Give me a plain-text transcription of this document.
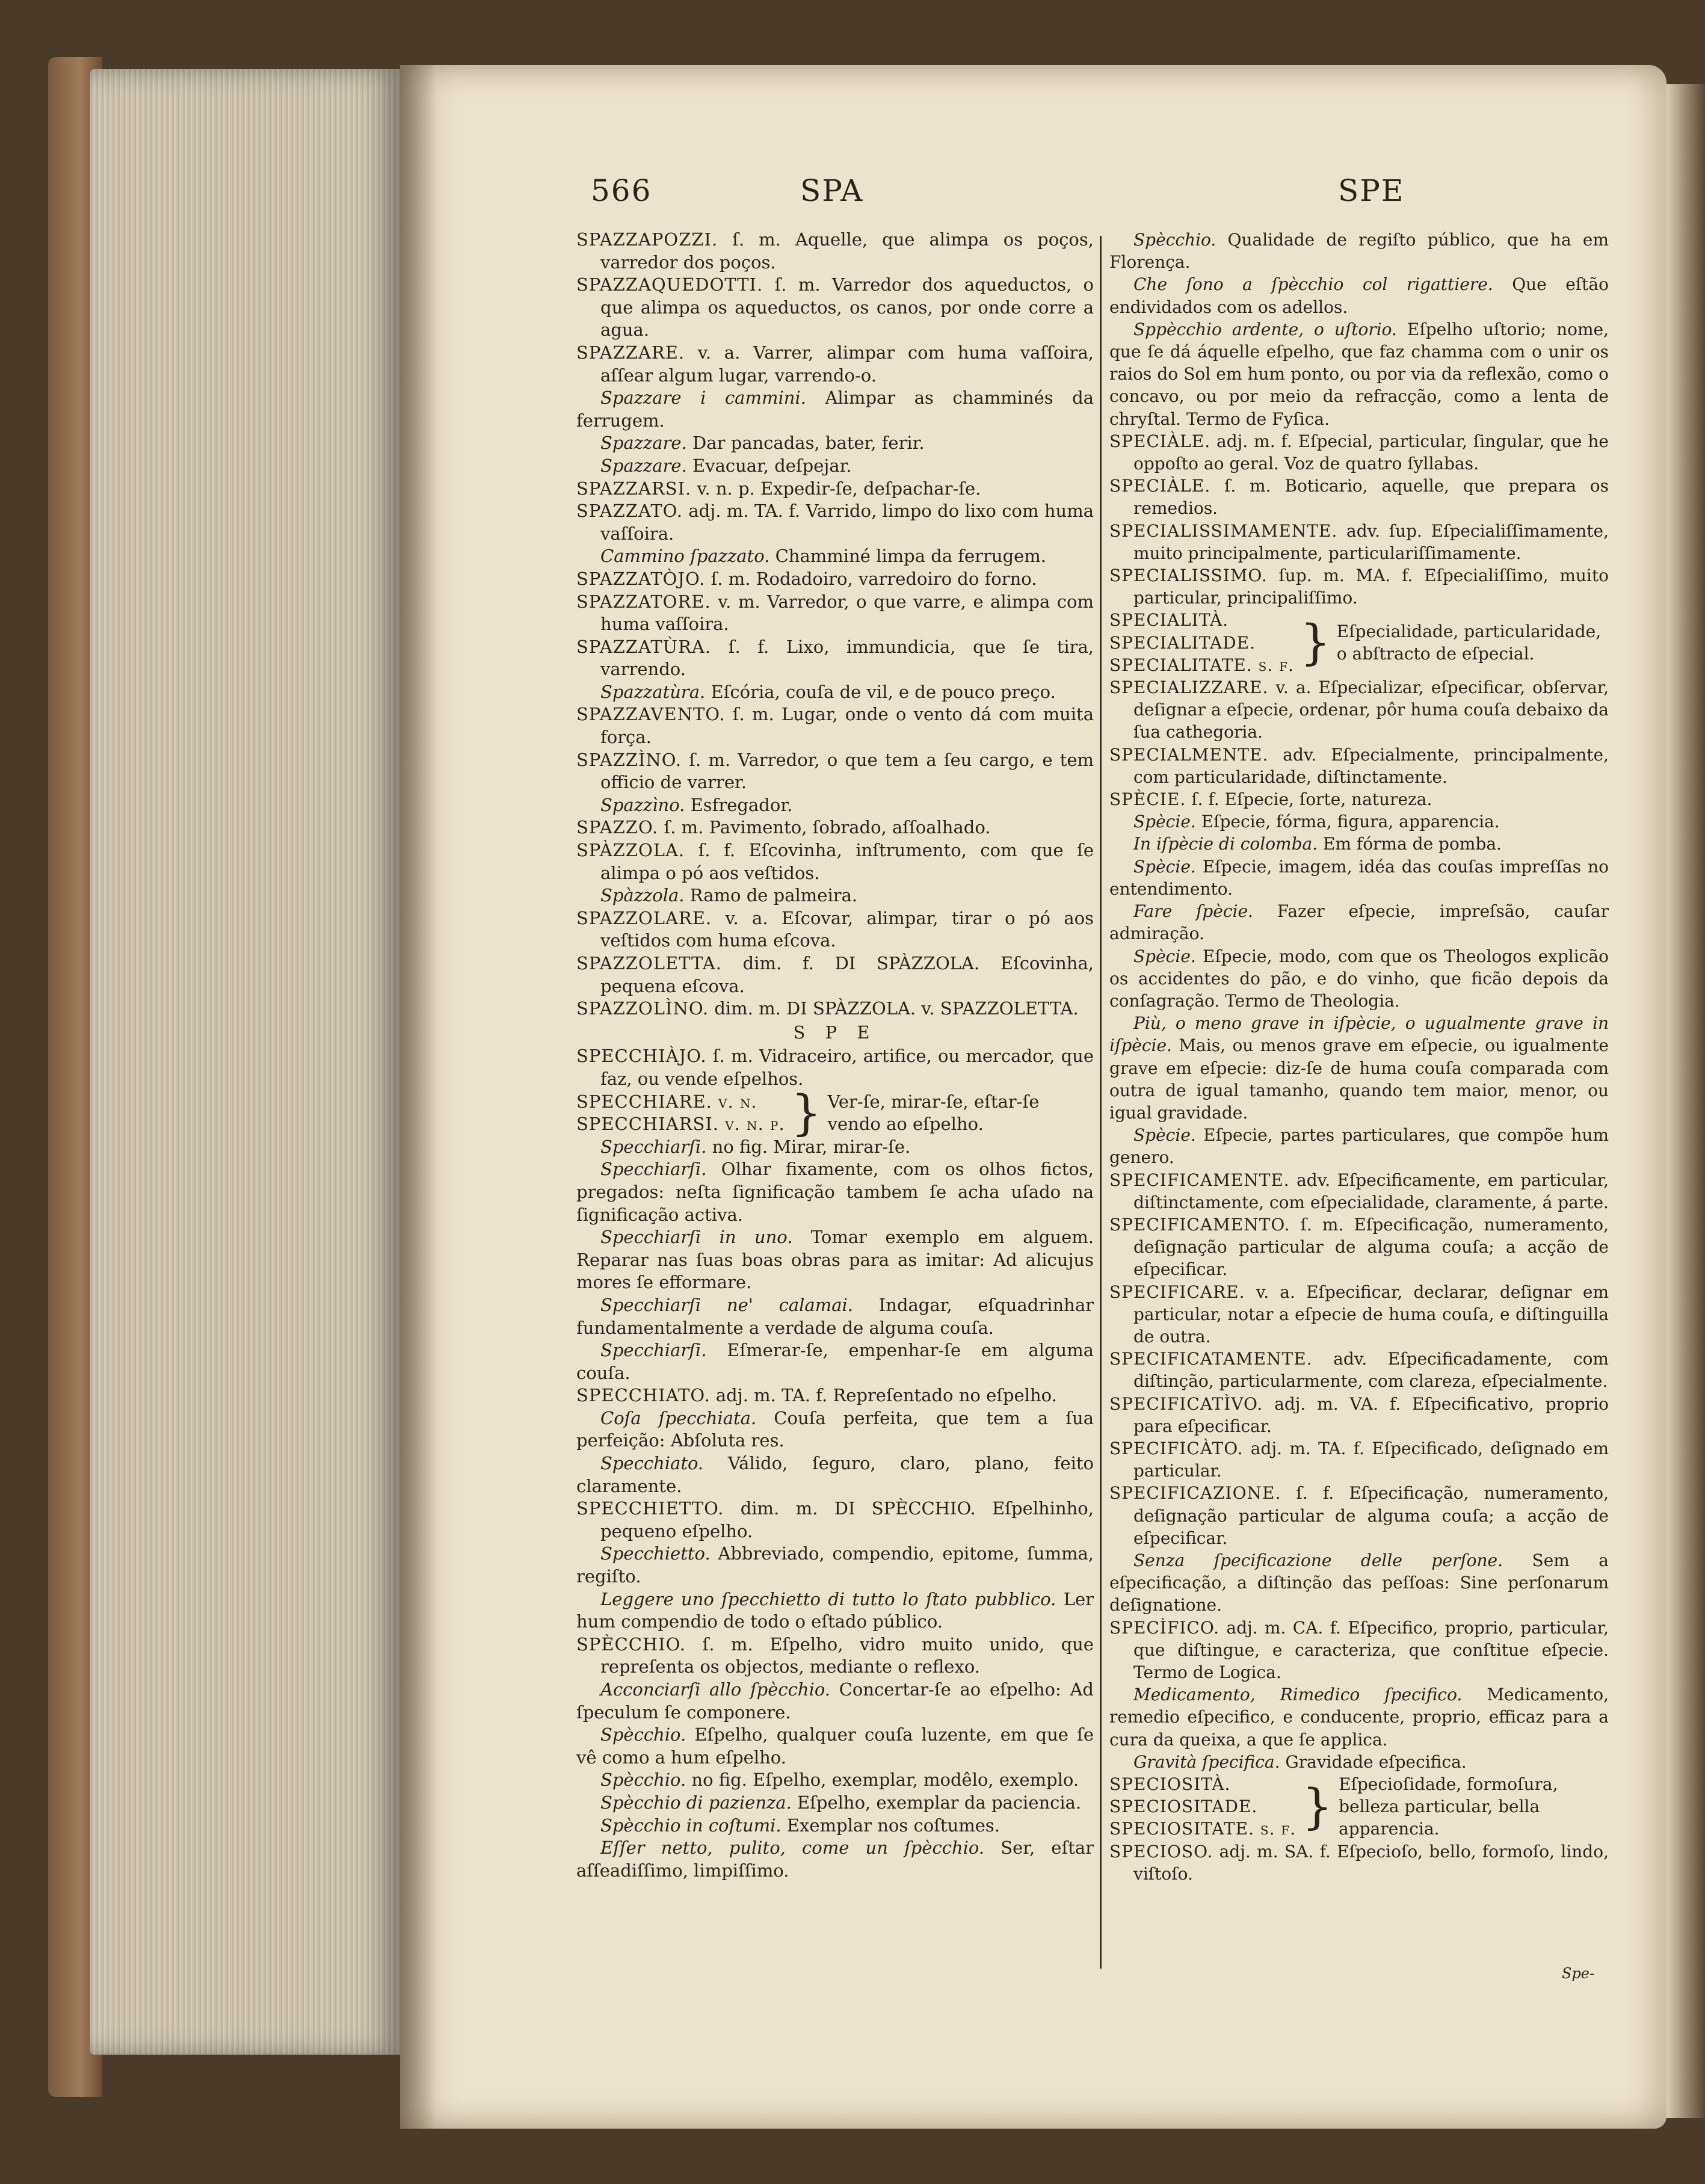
566	SPA	SPE

SPAZZAPOZZI. ſ. m. Aquelle, que alimpa os poços, varredor dos poços.

SPAZZAQUEDOTTI. ſ. m. Varredor dos aqueductos, o que alimpa os aqueductos, os canos, por onde corre a agua.

SPAZZARE. v. a. Varrer, alimpar com huma vaſſoira, aſſear algum lugar, varrendo-o.

Spazzare i cammini. Alimpar as chamminés da ferrugem.

Spazzare. Dar pancadas, bater, ferir.

Spazzare. Evacuar, deſpejar.

SPAZZARSI. v. n. p. Expedir-ſe, deſpachar-ſe.

SPAZZATO. adj. m. TA. f. Varrido, limpo do lixo com huma vaſſoira.

Cammino ſpazzato. Chamminé limpa da ferrugem.

SPAZZATÒJO. ſ. m. Rodadoiro, varredoiro do forno.

SPAZZATORE. v. m. Varredor, o que varre, e alimpa com huma vaſſoira.

SPAZZATÙRA. ſ. f. Lixo, immundicia, que ſe tira, varrendo.

Spazzatùra. Eſcória, couſa de vil, e de pouco preço.

SPAZZAVENTO. ſ. m. Lugar, onde o vento dá com muita força.

SPAZZÌNO. ſ. m. Varredor, o que tem a ſeu cargo, e tem officio de varrer.

Spazzìno. Esfregador.

SPAZZO. ſ. m. Pavimento, ſobrado, aſſoalhado.

SPÀZZOLA. ſ. f. Eſcovinha, inſtrumento, com que ſe alimpa o pó aos veſtidos.

Spàzzola. Ramo de palmeira.

SPAZZOLARE. v. a. Eſcovar, alimpar, tirar o pó aos veſtidos com huma eſcova.

SPAZZOLETTA. dim. f. DI SPÀZZOLA. Eſcovinha, pequena eſcova.

SPAZZOLÌNO. dim. m. DI SPÀZZOLA. v. SPAZZOLETTA.

S P E

SPECCHIÀJO. ſ. m. Vidraceiro, artifice, ou mercador, que faz, ou vende eſpelhos.

SPECCHIARE. v. n.
SPECCHIARSI. v. n. p. } Ver-ſe, mirar-ſe, eſtar-ſe vendo ao eſpelho.

Specchiarſi. no fig. Mirar, mirar-ſe.

Specchiarſi. Olhar fixamente, com os olhos fictos, pregados: neſta ſignificação tambem ſe acha uſado na ſignificação activa.

Specchiarſi in uno. Tomar exemplo em alguem. Reparar nas ſuas boas obras para as imitar: Ad alicujus mores ſe efformare.

Specchiarſi ne' calamai. Indagar, eſquadrinhar fundamentalmente a verdade de alguma couſa.

Specchiarſi. Eſmerar-ſe, empenhar-ſe em alguma couſa.

SPECCHIATO. adj. m. TA. f. Repreſentado no eſpelho.

Coſa ſpecchiata. Couſa perfeita, que tem a ſua perfeição: Abſoluta res.

Specchiato. Válido, ſeguro, claro, plano, feito claramente.

SPECCHIETTO. dim. m. DI SPÈCCHIO. Eſpelhinho, pequeno eſpelho.

Specchietto. Abbreviado, compendio, epitome, ſumma, regiſto.

Leggere uno ſpecchietto di tutto lo ſtato pubblico. Ler hum compendio de todo o eſtado público.

SPÈCCHIO. ſ. m. Eſpelho, vidro muito unido, que repreſenta os objectos, mediante o reflexo.

Acconciarſi allo ſpècchio. Concertar-ſe ao eſpelho: Ad ſpeculum ſe componere.

Spècchio. Eſpelho, qualquer couſa luzente, em que ſe vê como a hum eſpelho.

Spècchio. no fig. Eſpelho, exemplar, modêlo, exemplo.

Spècchio di pazienza. Eſpelho, exemplar da paciencia.

Spècchio in coſtumi. Exemplar nos coſtumes.

Eſſer netto, pulito, come un ſpècchio. Ser, eſtar aſſeadiſſimo, limpiſſimo.

Spècchio. Qualidade de regiſto público, que ha em Florença.

Che ſono a ſpècchio col rigattiere. Que eſtão endividados com os adellos.

Sppècchio ardente, o uſtorio. Eſpelho uſtorio; nome, que ſe dá áquelle eſpelho, que faz chamma com o unir os raios do Sol em hum ponto, ou por via da reflexão, como o concavo, ou por meio da refracção, como a lenta de chryſtal. Termo de Fyſica.

SPECIÀLE. adj. m. f. Eſpecial, particular, ſingular, que he oppoſto ao geral. Voz de quatro ſyllabas.

SPECIÀLE. ſ. m. Boticario, aquelle, que prepara os remedios.

SPECIALISSIMAMENTE. adv. ſup. Eſpecialiſſimamente, muito principalmente, particulariſſimamente.

SPECIALISSIMO. ſup. m. MA. f. Eſpecialiſſimo, muito particular, principaliſſimo.

SPECIALITÀ.
SPECIALITADE.
SPECIALITATE. ſ. f. } Eſpecialidade, particularidade, o abſtracto de eſpecial.

SPECIALIZZARE. v. a. Eſpecializar, eſpecificar, obſervar, deſignar a eſpecie, ordenar, pôr huma couſa debaixo da ſua cathegoria.

SPECIALMENTE. adv. Eſpecialmente, principalmente, com particularidade, diſtinctamente.

SPÈCIE. ſ. f. Eſpecie, ſorte, natureza.

Spècie. Eſpecie, fórma, figura, apparencia.

In iſpècie di colomba. Em fórma de pomba.

Spècie. Eſpecie, imagem, idéa das couſas impreſſas no entendimento.

Fare ſpècie. Fazer eſpecie, impreſsão, cauſar admiração.

Spècie. Eſpecie, modo, com que os Theologos explicão os accidentes do pão, e do vinho, que ficão depois da conſagração. Termo de Theologia.

Più, o meno grave in iſpècie, o ugualmente grave in iſpècie. Mais, ou menos grave em eſpecie, ou igualmente grave em eſpecie: diz-ſe de huma couſa comparada com outra de igual tamanho, quando tem maior, menor, ou igual gravidade.

Spècie. Eſpecie, partes particulares, que compõe hum genero.

SPECIFICAMENTE. adv. Eſpecificamente, em particular, diſtinctamente, com eſpecialidade, claramente, á parte.

SPECIFICAMENTO. ſ. m. Eſpecificação, numeramento, deſignação particular de alguma couſa; a acção de eſpecificar.

SPECIFICARE. v. a. Eſpecificar, declarar, deſignar em particular, notar a eſpecie de huma couſa, e diſtinguilla de outra.

SPECIFICATAMENTE. adv. Eſpecificadamente, com diſtinção, particularmente, com clareza, eſpecialmente.

SPECIFICATÌVO. adj. m. VA. f. Eſpecificativo, proprio para eſpecificar.

SPECIFICÀTO. adj. m. TA. f. Eſpecificado, deſignado em particular.

SPECIFICAZIONE. ſ. f. Eſpecificação, numeramento, deſignação particular de alguma couſa; a acção de eſpecificar.

Senza ſpecificazione delle perſone. Sem a eſpecificação, a diſtinção das peſſoas: Sine perſonarum deſignatione.

SPECÌFICO. adj. m. CA. f. Eſpecifico, proprio, particular, que diſtingue, e caracteriza, que conſtitue eſpecie. Termo de Logica.

Medicamento, Rimedico ſpecifico. Medicamento, remedio eſpecifico, e conducente, proprio, efficaz para a cura da queixa, a que ſe applica.

Gravità ſpecifica. Gravidade eſpecifica.

SPECIOSITÀ.
SPECIOSITADE.
SPECIOSITATE. ſ. f. } Eſpecioſidade, formoſura, belleza particular, bella apparencia.

SPECIOSO. adj. m. SA. f. Eſpecioſo, bello, formoſo, lindo, viſtoſo.

Spe-
